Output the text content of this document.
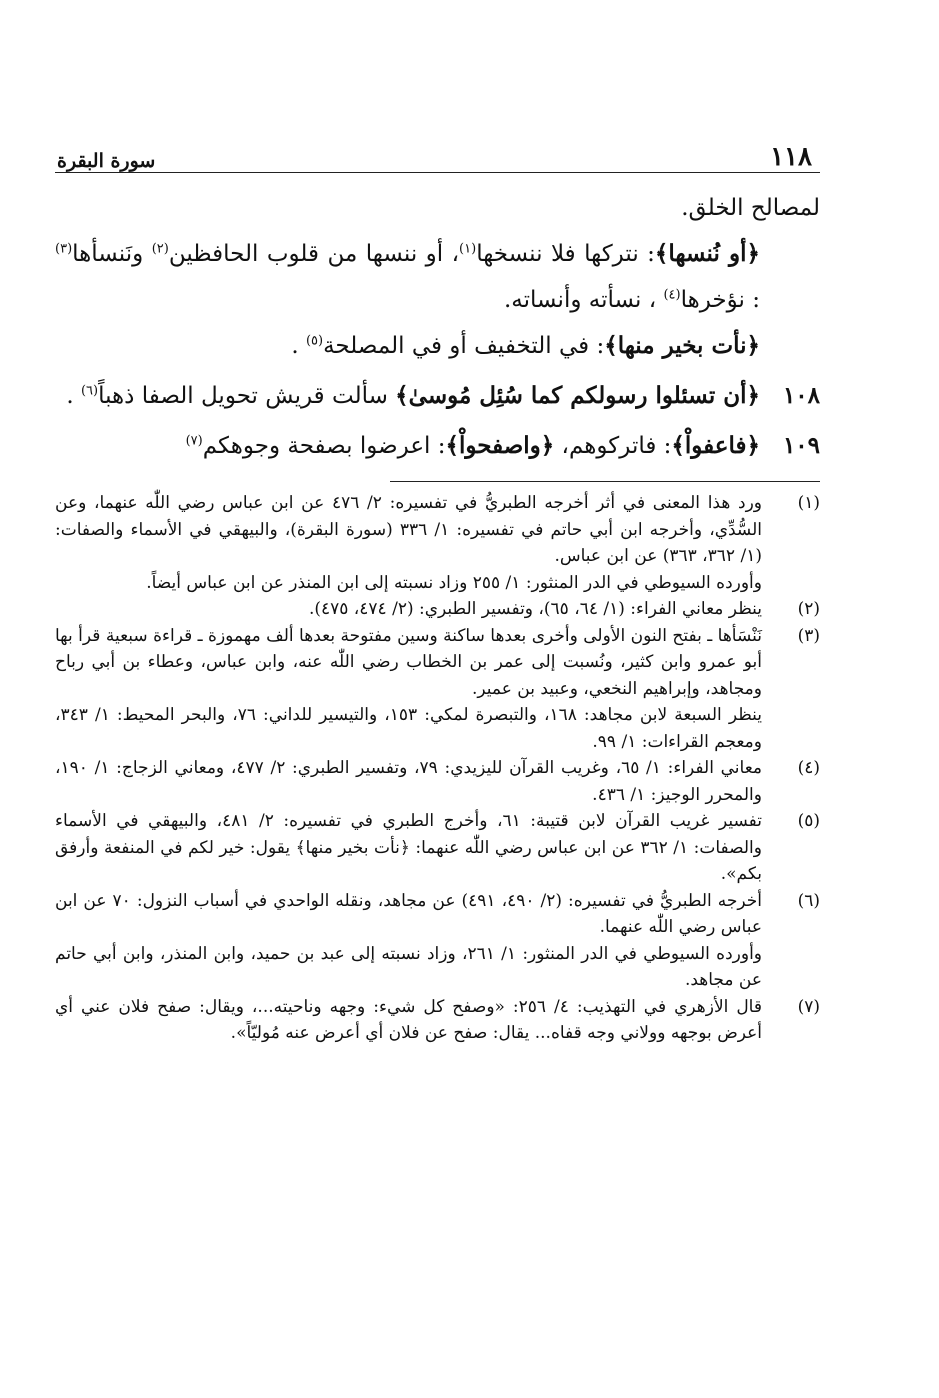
١١٨
سورة البقرة
لمصالح الخلق.
﴿أو نُنسها﴾: نتركها فلا ننسخها$^{(١)}$، أو ننسها من قلوب الحافظين$^{(٢)}$ ونَنسأها$^{(٣)}$ : نؤخرها$^{(٤)}$ ، نسأته وأنساته.
﴿نأت بخير منها﴾: في التخفيف أو في المصلحة$^{(٥)}$ .
١٠٨
﴿أن تسئلوا رسولكم كما سُئِل مُوسىٰ﴾ سألت قريش تحويل الصفا ذهباً$^{(٦)}$ .
١٠٩
﴿فاعفواْ﴾: فاتركوهم، ﴿واصفحواْ﴾: اعرضوا بصفحة وجوهكم$^{(٧)}$
(١)
ورد هذا المعنى في أثر أخرجه الطبريُّ في تفسيره: ٢/ ٤٧٦ عن ابن عباس رضي اللّٰه عنهما، وعن السُّدِّي، وأخرجه ابن أبي حاتم في تفسيره: ١/ ٣٣٦ (سورة البقرة)، والبيهقي في الأسماء والصفات: (١/ ٣٦٢، ٣٦٣) عن ابن عباس.
وأورده السيوطي في الدر المنثور: ١/ ٢٥٥ وزاد نسبته إلى ابن المنذر عن ابن عباس أيضاً.
(٢)
ينظر معاني الفراء: (١/ ٦٤، ٦٥)، وتفسير الطبري: (٢/ ٤٧٤، ٤٧٥).
(٣)
نَنْسَأها ـ بفتح النون الأولى وأخرى بعدها ساكنة وسين مفتوحة بعدها ألف مهموزة ـ قراءة سبعية قرأ بها أبو عمرو وابن كثير، ونُسبت إلى عمر بن الخطاب رضي اللّٰه عنه، وابن عباس، وعطاء بن أبي رباح ومجاهد، وإبراهيم النخعي، وعبيد بن عمير.
ينظر السبعة لابن مجاهد: ١٦٨، والتبصرة لمكي: ١٥٣، والتيسير للداني: ٧٦، والبحر المحيط: ١/ ٣٤٣، ومعجم القراءات: ١/ ٩٩.
(٤)
معاني الفراء: ١/ ٦٥، وغريب القرآن لليزيدي: ٧٩، وتفسير الطبري: ٢/ ٤٧٧، ومعاني الزجاج: ١/ ١٩٠، والمحرر الوجيز: ١/ ٤٣٦.
(٥)
تفسير غريب القرآن لابن قتيبة: ٦١، وأخرج الطبري في تفسيره: ٢/ ٤٨١، والبيهقي في الأسماء والصفات: ١/ ٣٦٢ عن ابن عباس رضي اللّٰه عنهما: ﴿نأت بخير منها﴾ يقول: خير لكم في المنفعة وأرفق بكم».
(٦)
أخرجه الطبريُّ في تفسيره: (٢/ ٤٩٠، ٤٩١) عن مجاهد، ونقله الواحدي في أسباب النزول: ٧٠ عن ابن عباس رضي اللّٰه عنهما.
وأورده السيوطي في الدر المنثور: ١/ ٢٦١، وزاد نسبته إلى عبد بن حميد، وابن المنذر، وابن أبي حاتم عن مجاهد.
(٧)
قال الأزهري في التهذيب: ٤/ ٢٥٦: «وصفح كل شيء: وجهه وناحيته...، ويقال: صفح فلان عني أي أعرض بوجهه وولاني وجه قفاه... يقال: صفح عن فلان أي أعرض عنه مُوليّاً».
